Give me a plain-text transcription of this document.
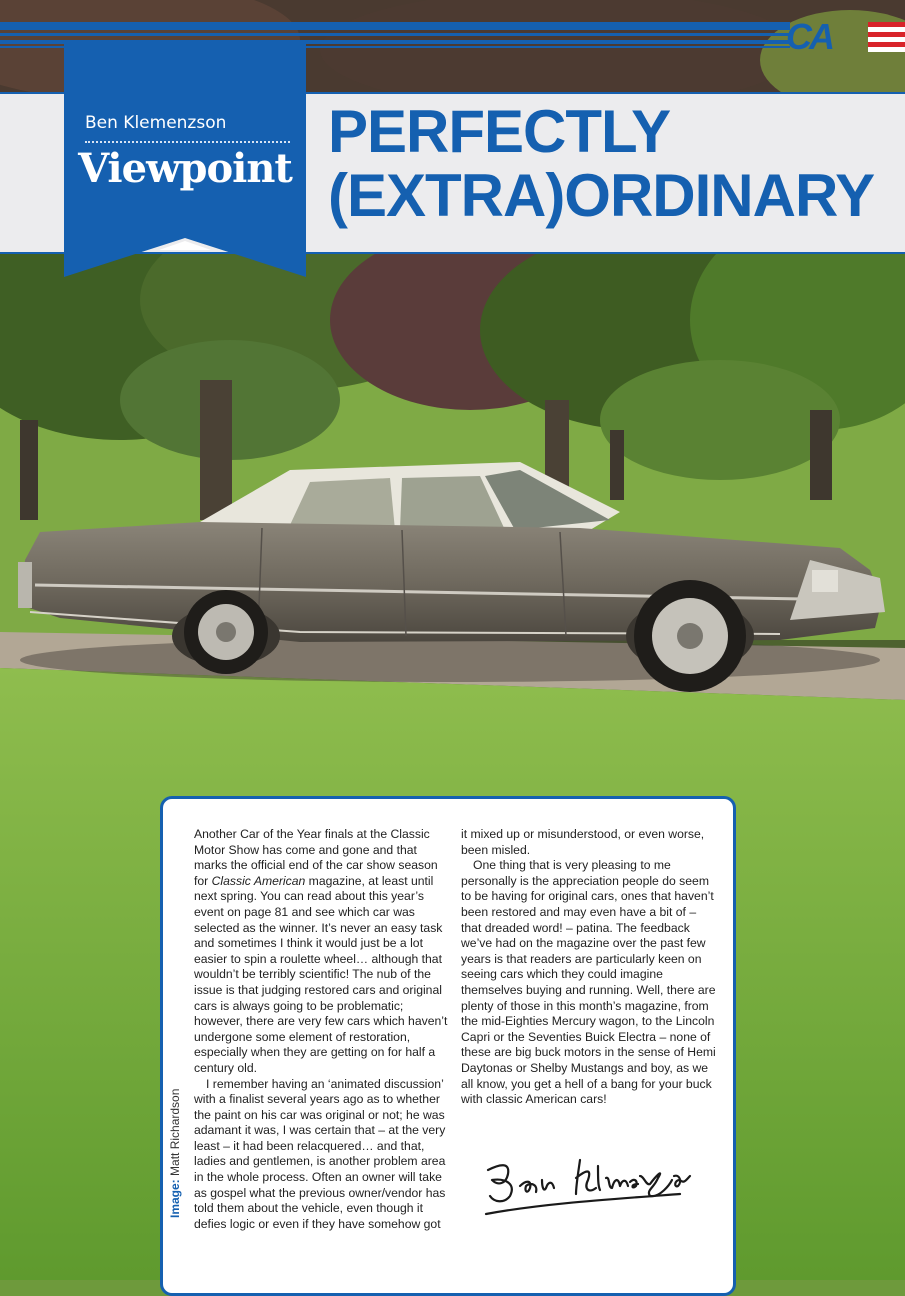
CA
PERFECTLY
(EXTRA)ORDINARY
Ben Klemenzson
Viewpoint

Another Car of the Year finals at the Classic Motor Show has come and gone and that marks the official end of the car show season for Classic American magazine, at least until next spring. You can read about this year’s event on page 81 and see which car was selected as the winner. It’s never an easy task and sometimes I think it would just be a lot easier to spin a roulette wheel… although that wouldn’t be terribly scientific! The nub of the issue is that judging restored cars and original cars is always going to be problematic; however, there are very few cars which haven’t undergone some element of restoration, especially when they are getting on for half a century old.

I remember having an ‘animated discussion’ with a finalist several years ago as to whether the paint on his car was original or not; he was adamant it was, I was certain that – at the very least – it had been relacquered… and that, ladies and gentlemen, is another problem area in the whole process. Often an owner will take as gospel what the previous owner/vendor has told them about the vehicle, even though it defies logic or even if they have somehow got

it mixed up or misunderstood, or even worse, been misled.

One thing that is very pleasing to me personally is the appreciation people do seem to be having for original cars, ones that haven’t been restored and may even have a bit of – that dreaded word! – patina. The feedback we’ve had on the magazine over the past few years is that readers are particularly keen on seeing cars which they could imagine themselves buying and running. Well, there are plenty of those in this month’s magazine, from the mid-Eighties Mercury wagon, to the Lincoln Capri or the Seventies Buick Electra – none of these are big buck motors in the sense of Hemi Daytonas or Shelby Mustangs and boy, as we all know, you get a hell of a bang for your buck with classic American cars!

Image: Matt Richardson
